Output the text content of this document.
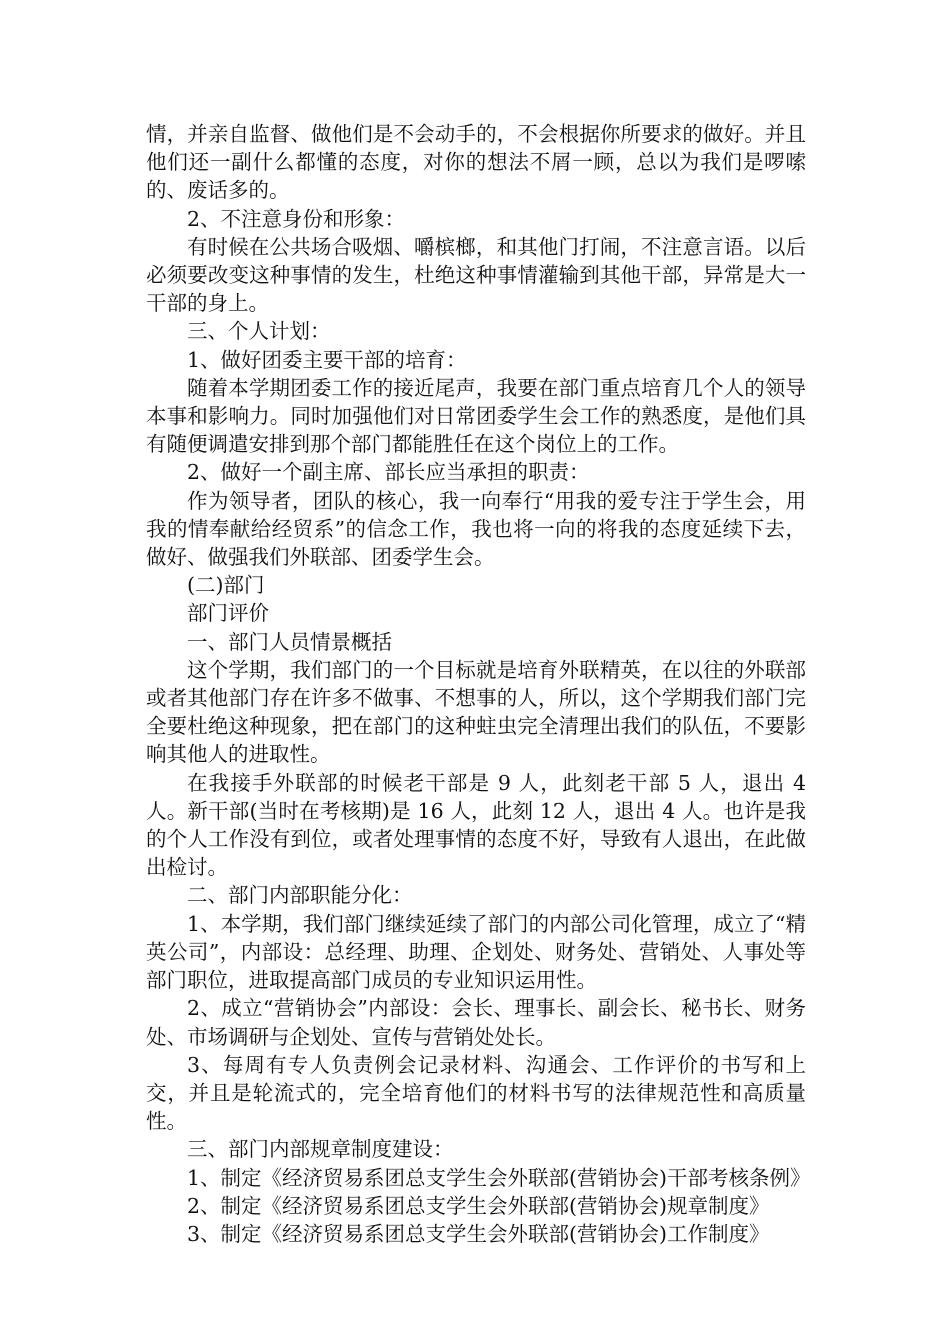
情，并亲自监督、做他们是不会动手的，不会根据你所要求的做好。并且他们还一副什么都懂的态度，对你的想法不屑一顾，总以为我们是啰嗦的、废话多的。

2、不注意身份和形象：

有时候在公共场合吸烟、嚼槟榔，和其他门打闹，不注意言语。以后必须要改变这种事情的发生，杜绝这种事情灌输到其他干部，异常是大一干部的身上。

三、个人计划：

1、做好团委主要干部的培育：

随着本学期团委工作的接近尾声，我要在部门重点培育几个人的领导本事和影响力。同时加强他们对日常团委学生会工作的熟悉度，是他们具有随便调遣安排到那个部门都能胜任在这个岗位上的工作。

2、做好一个副主席、部长应当承担的职责：

作为领导者，团队的核心，我一向奉行“用我的爱专注于学生会，用我的情奉献给经贸系”的信念工作，我也将一向的将我的态度延续下去，做好、做强我们外联部、团委学生会。

(二)部门

部门评价

一、部门人员情景概括

这个学期，我们部门的一个目标就是培育外联精英，在以往的外联部或者其他部门存在许多不做事、不想事的人，所以，这个学期我们部门完全要杜绝这种现象，把在部门的这种蛀虫完全清理出我们的队伍，不要影响其他人的进取性。

在我接手外联部的时候老干部是 9 人，此刻老干部 5 人，退出 4 人。新干部(当时在考核期)是 16 人，此刻 12 人，退出 4 人。也许是我的个人工作没有到位，或者处理事情的态度不好，导致有人退出，在此做出检讨。

二、部门内部职能分化：

1、本学期，我们部门继续延续了部门的内部公司化管理，成立了“精英公司”，内部设：总经理、助理、企划处、财务处、营销处、人事处等部门职位，进取提高部门成员的专业知识运用性。

2、成立“营销协会”内部设：会长、理事长、副会长、秘书长、财务处、市场调研与企划处、宣传与营销处处长。

3、每周有专人负责例会记录材料、沟通会、工作评价的书写和上交，并且是轮流式的，完全培育他们的材料书写的法律规范性和高质量性。

三、部门内部规章制度建设：

1、制定《经济贸易系团总支学生会外联部(营销协会)干部考核条例》

2、制定《经济贸易系团总支学生会外联部(营销协会)规章制度》

3、制定《经济贸易系团总支学生会外联部(营销协会)工作制度》
